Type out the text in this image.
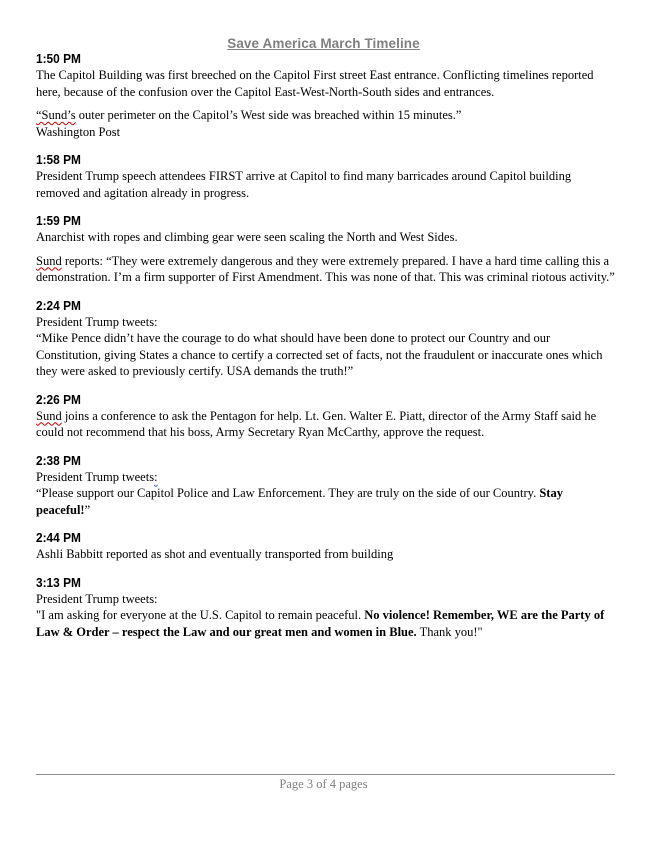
Save America March Timeline
1:50 PM

The Capitol Building was first breeched on the Capitol First street East entrance. Conflicting timelines reported here, because of the confusion over the Capitol East-West-North-South sides and entrances.

“Sund’s outer perimeter on the Capitol’s West side was breached within 15 minutes.”
Washington Post

1:58 PM

President Trump speech attendees FIRST arrive at Capitol to find many barricades around Capitol building removed and agitation already in progress.

1:59 PM

Anarchist with ropes and climbing gear were seen scaling the North and West Sides.

Sund reports: “They were extremely dangerous and they were extremely prepared. I have a hard time calling this a demonstration. I’m a firm supporter of First Amendment. This was none of that. This was criminal riotous activity.”

2:24 PM

President Trump tweets:

“Mike Pence didn’t have the courage to do what should have been done to protect our Country and our Constitution, giving States a chance to certify a corrected set of facts, not the fraudulent or inaccurate ones which they were asked to previously certify. USA demands the truth!”

2:26 PM

Sund joins a conference to ask the Pentagon for help. Lt. Gen. Walter E. Piatt, director of the Army Staff said he could not recommend that his boss, Army Secretary Ryan McCarthy, approve the request.

2:38 PM

President Trump tweets:

“Please support our Capitol Police and Law Enforcement. They are truly on the side of our Country. Stay peaceful!”

2:44 PM

Ashli Babbitt reported as shot and eventually transported from building

3:13 PM

President Trump tweets:

"I am asking for everyone at the U.S. Capitol to remain peaceful. No violence! Remember, WE are the Party of Law & Order – respect the Law and our great men and women in Blue. Thank you!"

Page 3 of 4 pages
